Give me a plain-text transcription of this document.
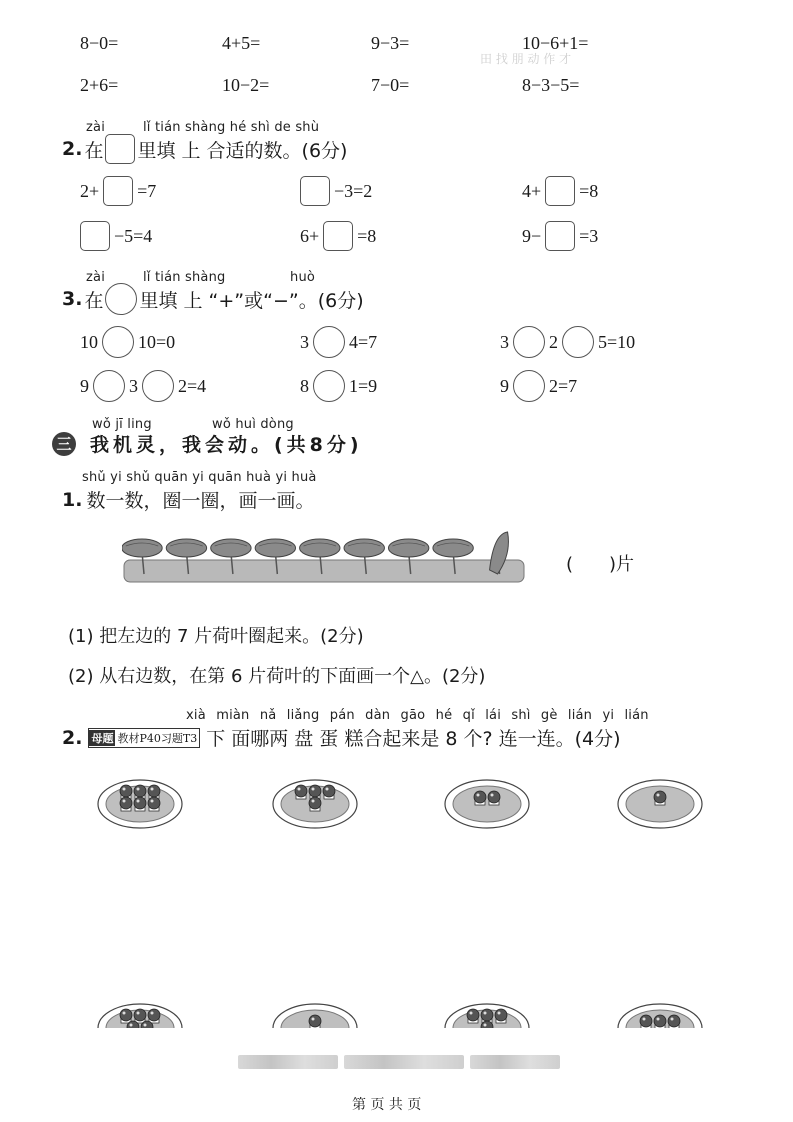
田 找 朋 动 作 才
8−0=	4+5=	9−3=	10−6+1=
2+6=	10−2=	7−0=	8−3−5=
zài	lǐ tián shàng hé shì de shù
2. 在 里填 上 合适的数。(6分)
2+ =7	−3=2	4+ =8
−5=4	6+ =8	9− =3
zài	lǐ tián shàng	huò
3. 在 里填 上 “+”或“−”。(6分)
10 10=0	3 4=7	3 2 5=10
9 3 2=4	8 1=9	9 2=7
wǒ jī ling	wǒ huì dòng
三 我机灵，我会动。(共8分)
shǔ yi shǔ quān yi quān huà yi huà
1. 数一数，圈一圈，画一画。
(　　)片
(1) 把左边的 7 片荷叶圈起来。(2分)
(2) 从右边数，在第 6 片荷叶的下面画一个△。(2分)
xià miàn nǎ liǎng pán dàn gāo hé qǐ lái shì gè lián yi lián
2. 母题 教材P40习题T3 下 面哪两 盘 蛋 糕合起来是 8 个? 连一连。(4分)
第 页 共 页
